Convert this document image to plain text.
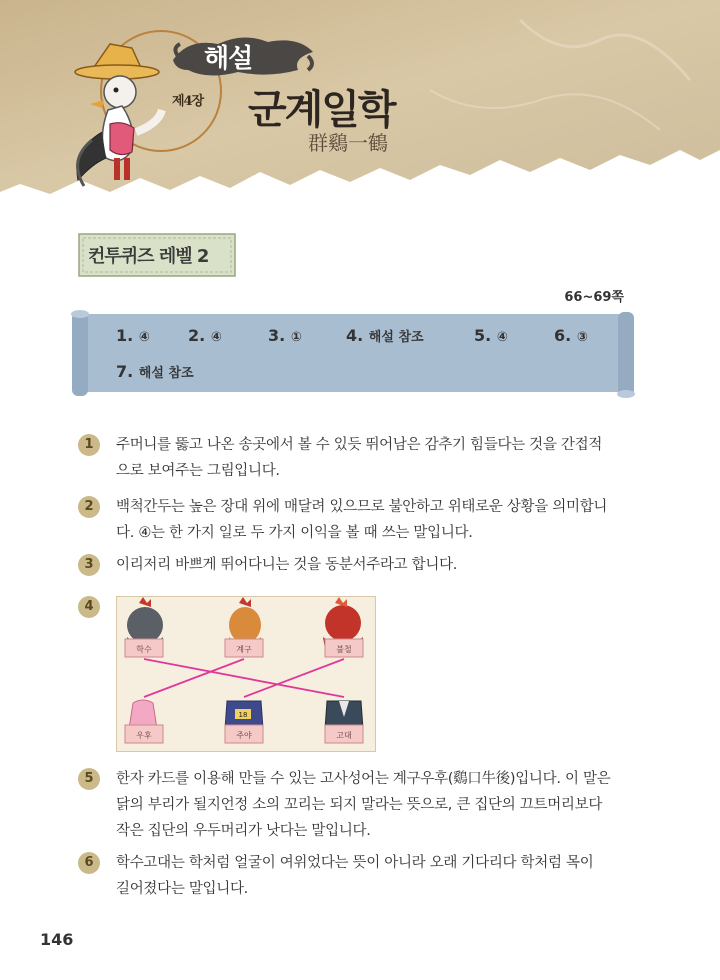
해설
제4장 군계일학
群鷄一鶴
컨투퀴즈 레벨 2
66~69쪽
1. ④ 2. ④	3. ①	4. 해설 참조	5. ④	6. ③
7. 해설 참조
1	주머니를 뚫고 나온 송곳에서 볼 수 있듯 뛰어남은 감추기 힘들다는 것을 간접적
으로 보여주는 그림입니다.
2	백척간두는 높은 장대 위에 매달려 있으므로 불안하고 위태로운 상황을 의미합니
다. ④는 한 가지 일로 두 가지 이익을 볼 때 쓰는 말입니다.
3	이리저리 바쁘게 뛰어다니는 것을 동분서주라고 합니다.
4
학수	계구	불철
18
우후	주야	고대
5	한자 카드를 이용해 만들 수 있는 고사성어는 계구우후(鷄口牛後)입니다. 이 말은
닭의 부리가 될지언정 소의 꼬리는 되지 말라는 뜻으로, 큰 집단의 끄트머리보다
작은 집단의 우두머리가 낫다는 말입니다.
6	학수고대는 학처럼 얼굴이 여위었다는 뜻이 아니라 오래 기다리다 학처럼 목이
길어졌다는 말입니다.
146
